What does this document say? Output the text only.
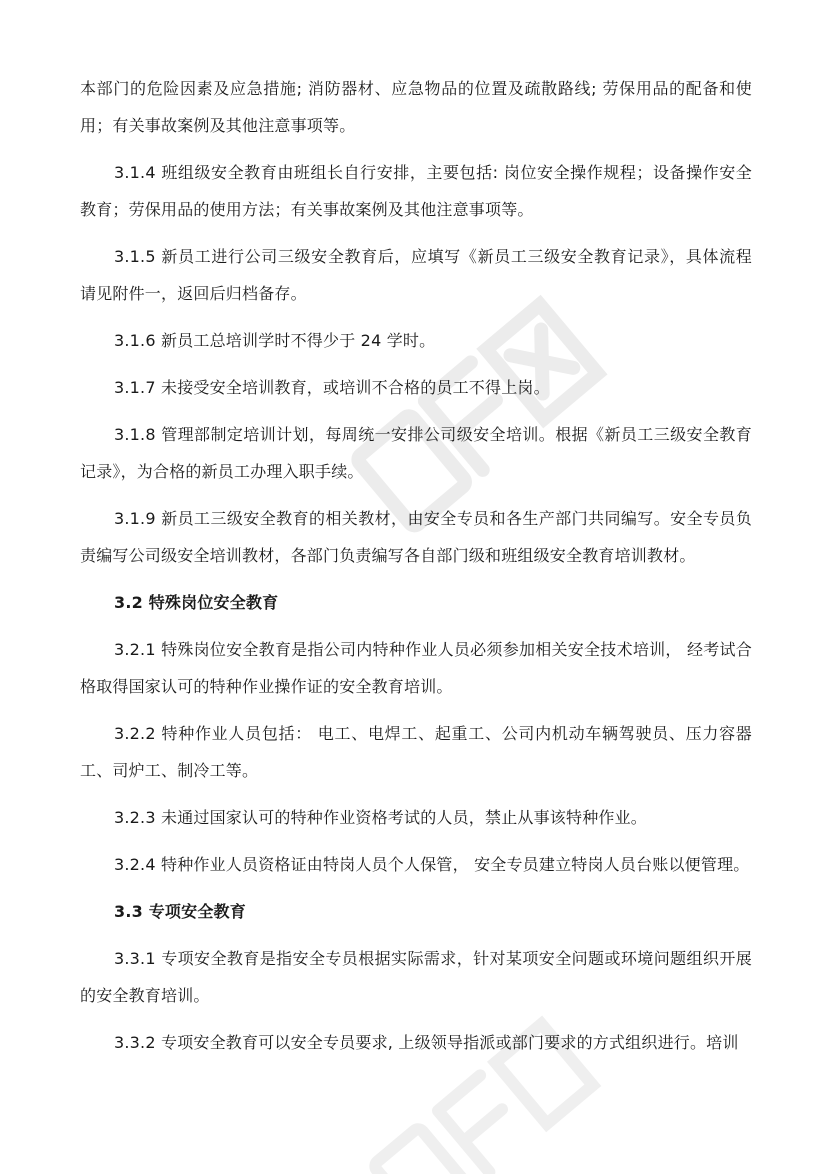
本部门的危险因素及应急措施; 消防器材、应急物品的位置及疏散路线; 劳保用品的配备和使用；有关事故案例及其他注意事项等。

3.1.4 班组级安全教育由班组长自行安排，主要包括: 岗位安全操作规程；设备操作安全教育；劳保用品的使用方法；有关事故案例及其他注意事项等。

3.1.5 新员工进行公司三级安全教育后，应填写《新员工三级安全教育记录》，具体流程请见附件一，返回后归档备存。

3.1.6 新员工总培训学时不得少于 24 学时。

3.1.7 未接受安全培训教育，或培训不合格的员工不得上岗。

3.1.8 管理部制定培训计划，每周统一安排公司级安全培训。根据《新员工三级安全教育记录》，为合格的新员工办理入职手续。

3.1.9 新员工三级安全教育的相关教材，由安全专员和各生产部门共同编写。安全专员负责编写公司级安全培训教材，各部门负责编写各自部门级和班组级安全教育培训教材。

3.2 特殊岗位安全教育

3.2.1 特殊岗位安全教育是指公司内特种作业人员必须参加相关安全技术培训， 经考试合格取得国家认可的特种作业操作证的安全教育培训。

3.2.2 特种作业人员包括： 电工、电焊工、起重工、公司内机动车辆驾驶员、压力容器工、司炉工、制冷工等。

3.2.3 未通过国家认可的特种作业资格考试的人员，禁止从事该特种作业。

3.2.4 特种作业人员资格证由特岗人员个人保管， 安全专员建立特岗人员台账以便管理。

3.3 专项安全教育

3.3.1 专项安全教育是指安全专员根据实际需求，针对某项安全问题或环境问题组织开展的安全教育培训。

3.3.2 专项安全教育可以安全专员要求, 上级领导指派或部门要求的方式组织进行。培训
